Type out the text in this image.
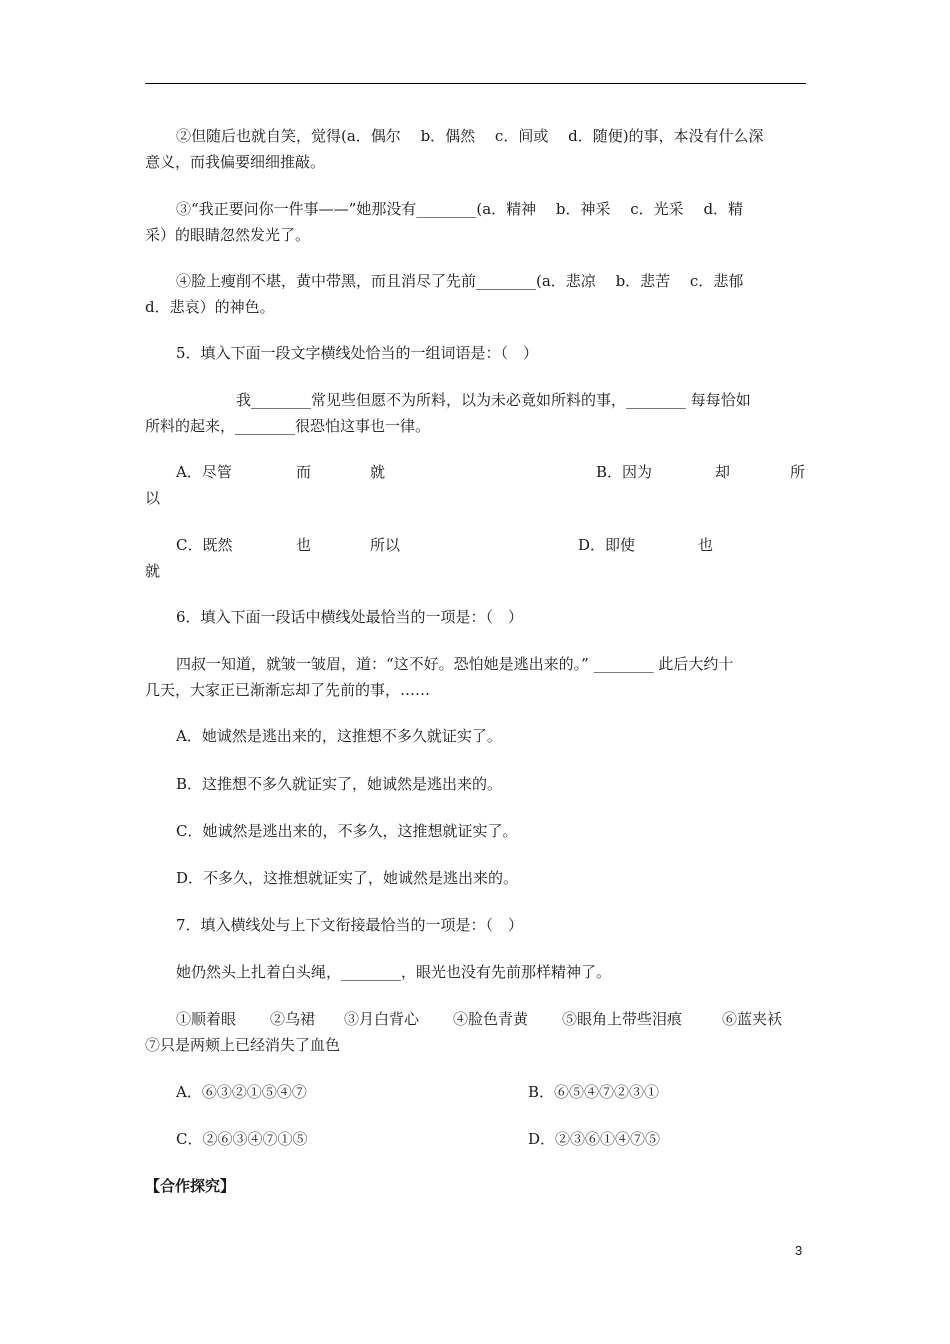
②但随后也就自笑，觉得(a．偶尔　 b．偶然　 c．间或　 d．随便)的事，本没有什么深
意义，而我偏要细细推敲。
③“我正要问你一件事——”她那没有________(a．精神　 b．神采　 c．光采　 d．精
采）的眼睛忽然发光了。
④脸上瘦削不堪，黄中带黑，而且消尽了先前________(a．悲凉　 b．悲苦　 c．悲郁
d．悲哀）的神色。
5．填入下面一段文字横线处恰当的一组词语是：（　）
我________常见些但愿不为所料，以为未必竟如所料的事，________ 每每恰如
所料的起来，________很恐怕这事也一律。
A．尽管	而	就	B．因为	却	所
以
C．既然	也	所以	D．即使	也
就
6．填入下面一段话中横线处最恰当的一项是：（　）
四叔一知道，就皱一皱眉，道：“这不好。恐怕她是逃出来的。” ________ 此后大约十
几天，大家正已渐渐忘却了先前的事，……
A．她诚然是逃出来的，这推想不多久就证实了。
B．这推想不多久就证实了，她诚然是逃出来的。
C．她诚然是逃出来的，不多久，这推想就证实了。
D．不多久，这推想就证实了，她诚然是逃出来的。
7．填入横线处与上下文衔接最恰当的一项是：（　）
她仍然头上扎着白头绳，________，眼光也没有先前那样精神了。
①顺着眼 ②乌裙 ③月白背心 ④脸色青黄 ⑤眼角上带些泪痕	⑥蓝夹袄
⑦只是两颊上已经消失了血色
A．⑥③②①⑤④⑦	B．⑥⑤④⑦②③①
C．②⑥③④⑦①⑤	D．②③⑥①④⑦⑤
【合作探究】
3
